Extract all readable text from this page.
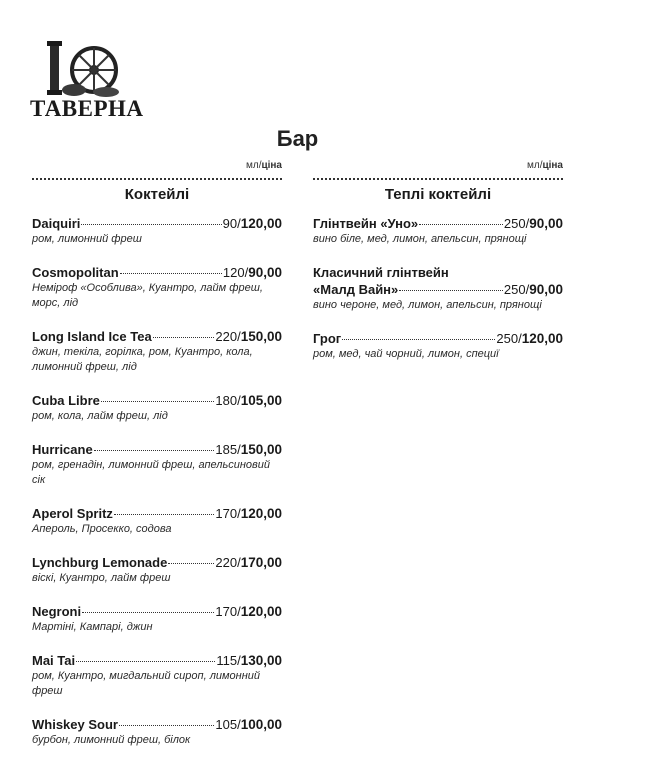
ТАВЕРНА
Бар
мл/ціна
Коктейлі
Daiquiri	90 / 120,00
ром, лимонний фреш
Cosmopolitan	120 / 90,00
Неміроф «Особлива», Куантро, лайм фреш, морс, лід
Long Island Ice Tea	220 / 150,00
джин, текіла, горілка, ром, Куантро, кола, лимонний фреш, лід
Cuba Libre	180 / 105,00
ром, кола, лайм фреш, лід
Hurricane	185 / 150,00
ром, гренадін, лимонний фреш, апельсиновий сік
Aperol Spritz	170 / 120,00
Апероль, Просекко, содова
Lynchburg Lemonade	220 / 170,00
віскі, Куантро, лайм фреш
Negroni	170 / 120,00
Мартіні, Кампарі, джин
Mai Tai	115 / 130,00
ром, Куантро, мигдальний сироп, лимонний фреш
Whiskey Sour	105 / 100,00
бурбон, лимонний фреш, білок
мл/ціна
Теплі коктейлі
Глінтвейн «Уно»	250 / 90,00
вино біле, мед, лимон, апельсин, прянощі
Класичний глінтвейн
«Малд Вайн»	250 / 90,00
вино чероне, мед, лимон, апельсин, прянощі
Грог	250 / 120,00
ром, мед, чай чорний, лимон, специї
